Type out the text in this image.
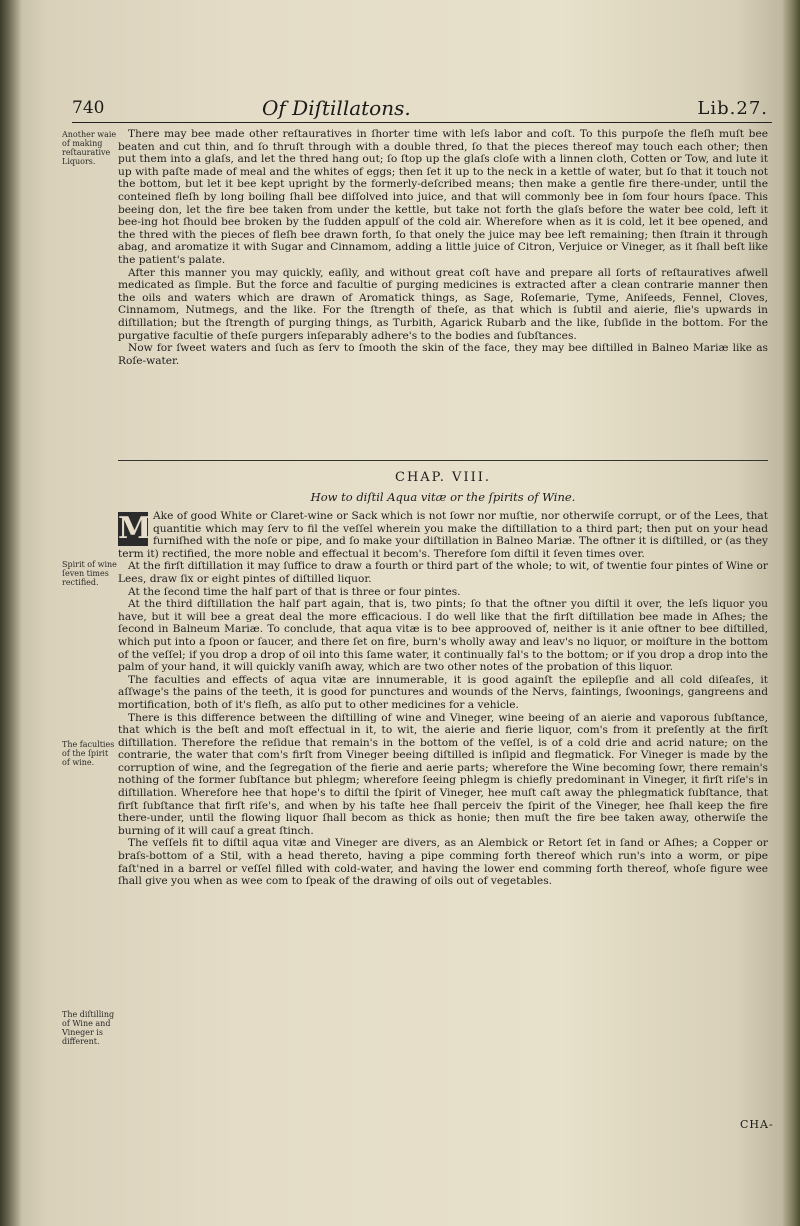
740	Of Diſtillatons.	Lib.27.
Another waie of making reſtaurative Liquors.

There may bee made other reſtauratives in ſhorter time with leſs labor and coſt. To this purpoſe the fleſh muſt bee beaten and cut thin, and ſo thruſt through with a double thred, ſo that the pieces thereof may touch each other; then put them into a glaſs, and let the thred hang out; ſo ſtop up the glaſs cloſe with a linnen cloth, Cotten or Tow, and lute it up with paſte made of meal and the whites of eggs; then ſet it up to the neck in a kettle of water, but ſo that it touch not the bottom, but let it bee kept upright by the formerly-deſcribed means; then make a gentle fire there-under, until the conteined fleſh by long boiling ſhall bee diſſolved into juice, and that will commonly bee in ſom four hours ſpace. This beeing don, let the fire bee taken from under the kettle, but take not forth the glaſs before the water bee cold, left it bee-ing hot ſhould bee broken by the ſudden appulſ of the cold air. Wherefore when as it is cold, let it bee opened, and the thred with the pieces of fleſh bee drawn forth, ſo that onely the juice may bee left remaining; then ſtrain it through abag, and aromatize it with Sugar and Cinnamom, adding a little juice of Citron, Verjuice or Vineger, as it ſhall beſt like the patient's palate.

After this manner you may quickly, eaſily, and without great coſt have and prepare all ſorts of reſtauratives afwell medicated as ſimple. But the force and facultie of purging medicines is extracted after a clean contrarie manner then the oils and waters which are drawn of Aromatick things, as Sage, Roſemarie, Tyme, Aniſeeds, Fennel, Cloves, Cinnamom, Nutmegs, and the like. For the ſtrength of theſe, as that which is ſubtil and aierie, flie's upwards in diſtillation; but the ſtrength of purging things, as Turbith, Agarick Rubarb and the like, ſubſide in the bottom. For the purgative facultie of theſe purgers inſeparably adhere's to the bodies and ſubſtances.

Now for ſweet waters and ſuch as ſerv to ſmooth the skin of the face, they may bee diſtilled in Balneo Mariæ like as Roſe-water.

CHAP. VIII.
How to diſtil Aqua vitæ or the ſpirits of Wine.
Spirit of wine ſeven times rectified.
The faculties of the ſpirit of wine.
The diſtilling of Wine and Vineger is different.

M Ake of good White or Claret-wine or Sack which is not ſowr nor muſtie, nor otherwiſe corrupt, or of the Lees, that quantitie which may ſerv to fil the veſſel wherein you make the diſtillation to a third part; then put on your head furniſhed with the noſe or pipe, and ſo make your diſtillation in Balneo Mariæ. The oftner it is diſtilled, or (as they term it) rectified, the more noble and effectual it becom's. Therefore ſom diſtil it ſeven times over.

At the firſt diſtillation it may ſuffice to draw a fourth or third part of the whole; to wit, of twentie four pintes of Wine or Lees, draw ſix or eight pintes of diſtilled liquor.

At the ſecond time the half part of that is three or four pintes.

At the third diſtillation the half part again, that is, two pints; ſo that the oftner you diſtil it over, the leſs liquor you have, but it will bee a great deal the more efficacious. I do well like that the firſt diſtillation bee made in Aſhes; the ſecond in Balneum Mariæ. To conclude, that aqua vitæ is to bee approoved of, neither is it anie oftner to bee diſtilled, which put into a ſpoon or ſaucer, and there ſet on fire, burn's wholly away and leav's no liquor, or moiſture in the bottom of the veſſel; if you drop a drop of oil into this ſame water, it continually fal's to the bottom; or if you drop a drop into the palm of your hand, it will quickly vaniſh away, which are two other notes of the probation of this liquor.

The faculties and effects of aqua vitæ are innumerable, it is good againſt the epilepſie and all cold diſeaſes, it aſſwage's the pains of the teeth, it is good for punctures and wounds of the Nervs, faintings, ſwoonings, gangreens and mortification, both of it's fleſh, as alſo put to other medicines for a vehicle.

There is this difference between the diſtilling of wine and Vineger, wine beeing of an aierie and vaporous ſubſtance, that which is the beſt and moſt effectual in it, to wit, the aierie and fierie liquor, com's from it preſently at the firſt diſtillation. Therefore the reſidue that remain's in the bottom of the veſſel, is of a cold drie and acrid nature; on the contrarie, the water that com's firſt from Vineger beeing diſtilled is inſipid and flegmatick. For Vineger is made by the corruption of wine, and the ſegregation of the fierie and aerie parts; wherefore the Wine becoming ſowr, there remain's nothing of the former ſubſtance but phlegm; wherefore ſeeing phlegm is chiefly predominant in Vineger, it firſt riſe's in diſtillation. Wherefore hee that hope's to diſtil the ſpirit of Vineger, hee muſt caſt away the phlegmatick ſubſtance, that firſt ſubſtance that firſt riſe's, and when by his taſte hee ſhall perceiv the ſpirit of the Vineger, hee ſhall keep the fire there-under, until the flowing liquor ſhall becom as thick as honie; then muſt the fire bee taken away, otherwiſe the burning of it will cauſ a great ſtinch.

The veſſels fit to diſtil aqua vitæ and Vineger are divers, as an Alembick or Retort ſet in ſand or Aſhes; a Copper or braſs-bottom of a Stil, with a head thereto, having a pipe comming forth thereof which run's into a worm, or pipe faſt'ned in a barrel or veſſel filled with cold-water, and having the lower end comming forth thereof, whoſe figure wee ſhall give you when as wee com to ſpeak of the drawing of oils out of vegetables.

CHA-
